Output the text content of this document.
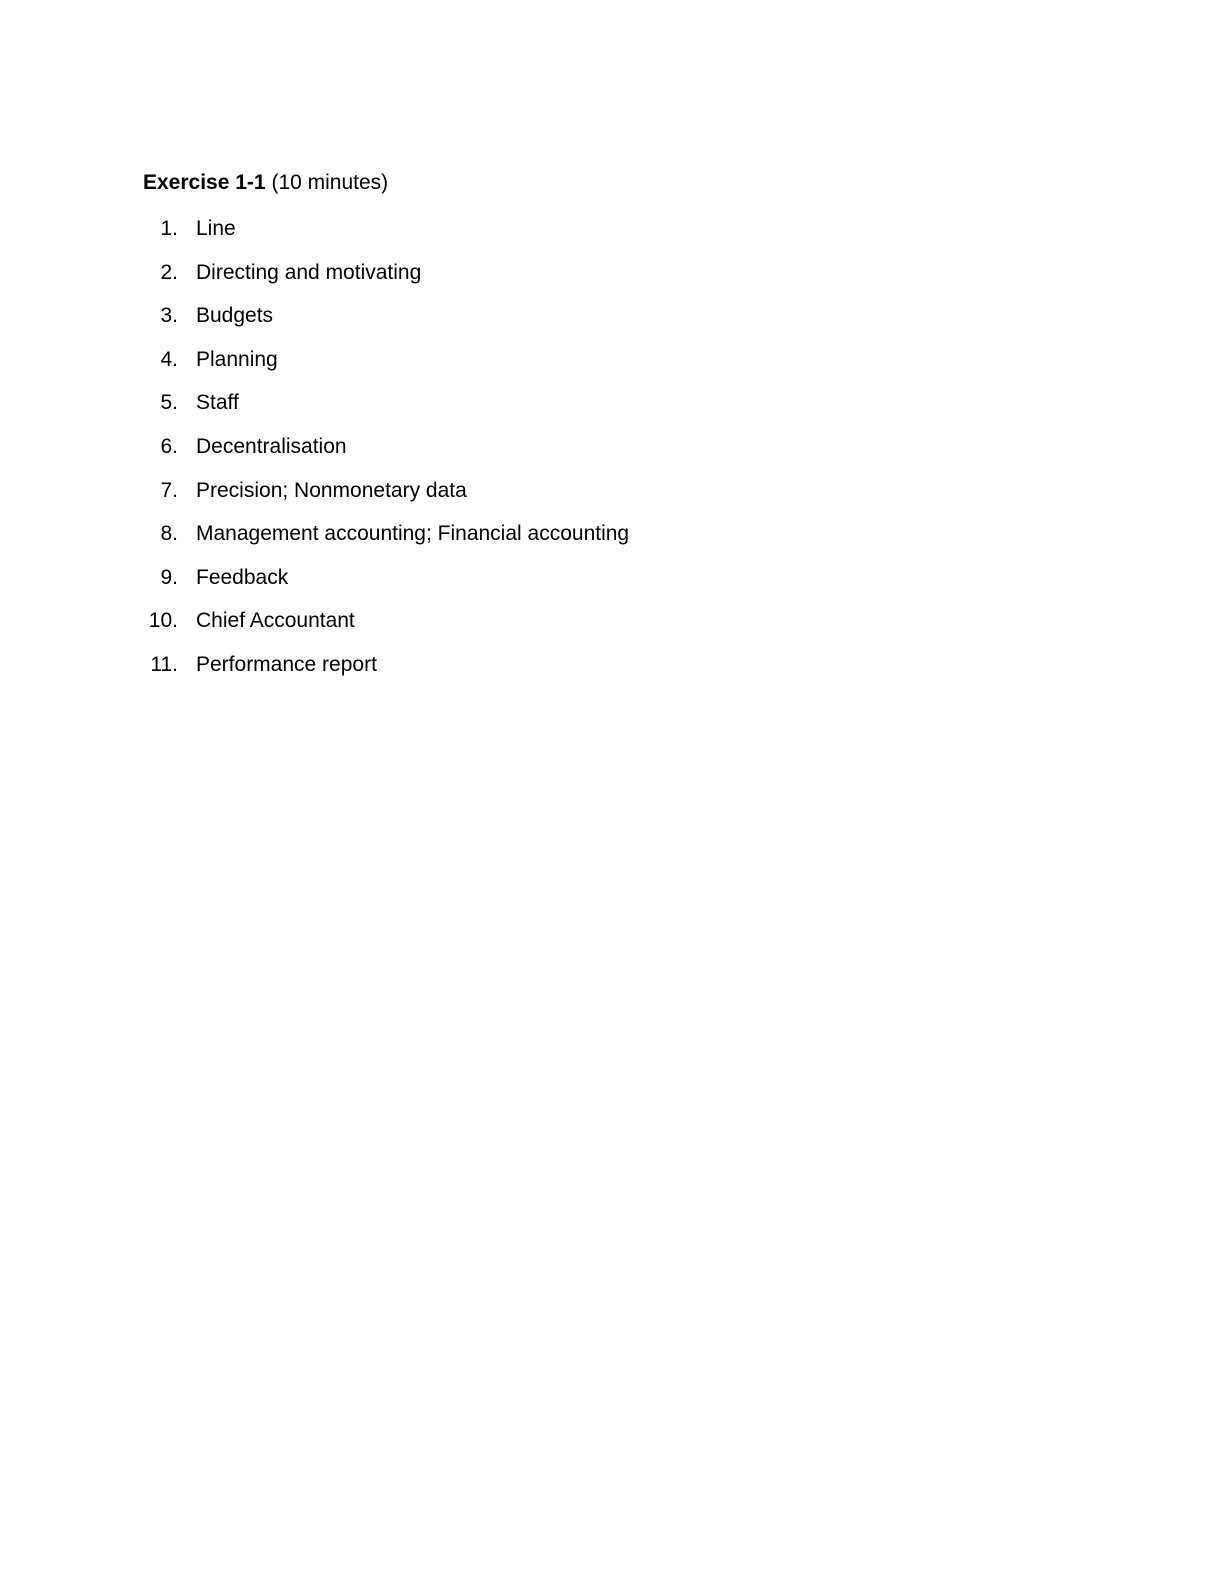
Exercise 1-1 (10 minutes)
1. Line
2. Directing and motivating
3. Budgets
4. Planning
5. Staff
6. Decentralisation
7. Precision; Nonmonetary data
8. Management accounting; Financial accounting
9. Feedback
10. Chief Accountant
11. Performance report
